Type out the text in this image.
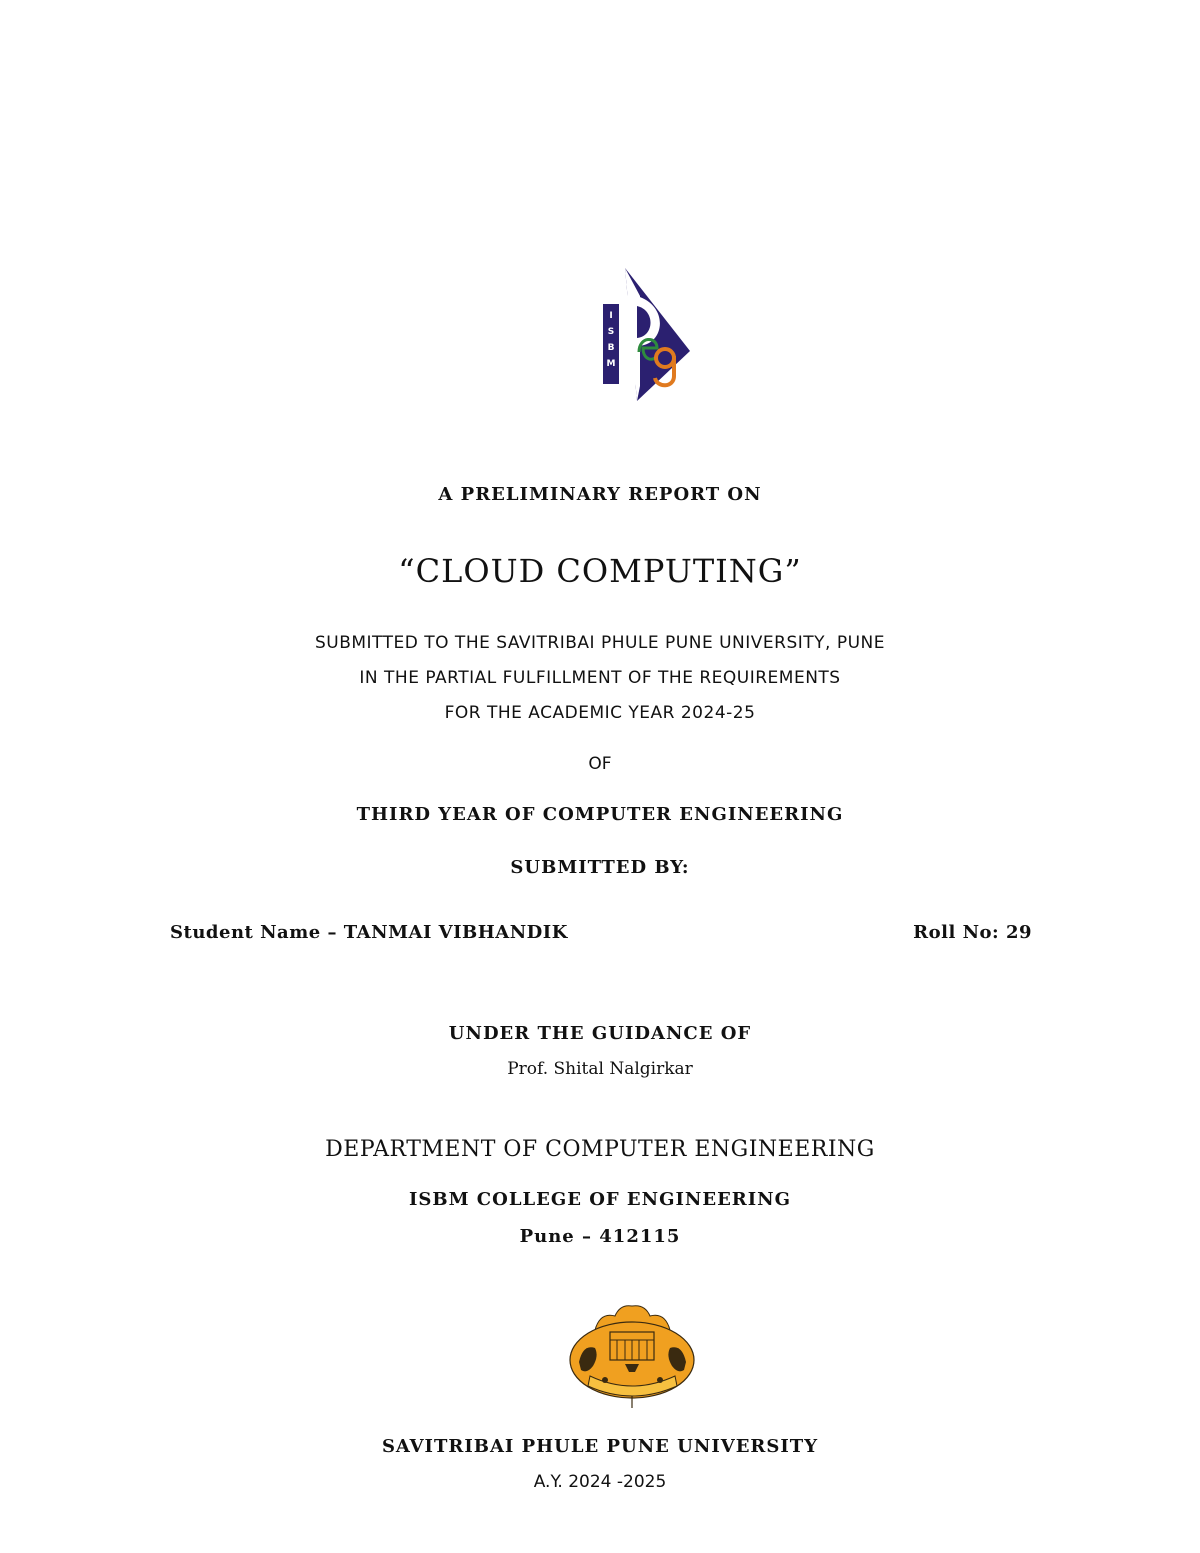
I
S
B
M
A PRELIMINARY REPORT ON
“CLOUD COMPUTING”
SUBMITTED TO THE SAVITRIBAI PHULE PUNE UNIVERSITY, PUNE
IN THE PARTIAL FULFILLMENT OF THE REQUIREMENTS
FOR THE ACADEMIC YEAR 2024-25
OF
THIRD YEAR OF COMPUTER ENGINEERING
SUBMITTED BY:
Student Name – TANMAI VIBHANDIK	Roll No: 29
UNDER THE GUIDANCE OF
Prof. Shital Nalgirkar
DEPARTMENT OF COMPUTER ENGINEERING
ISBM COLLEGE OF ENGINEERING
Pune – 412115
SAVITRIBAI PHULE PUNE UNIVERSITY
A.Y. 2024 -2025
